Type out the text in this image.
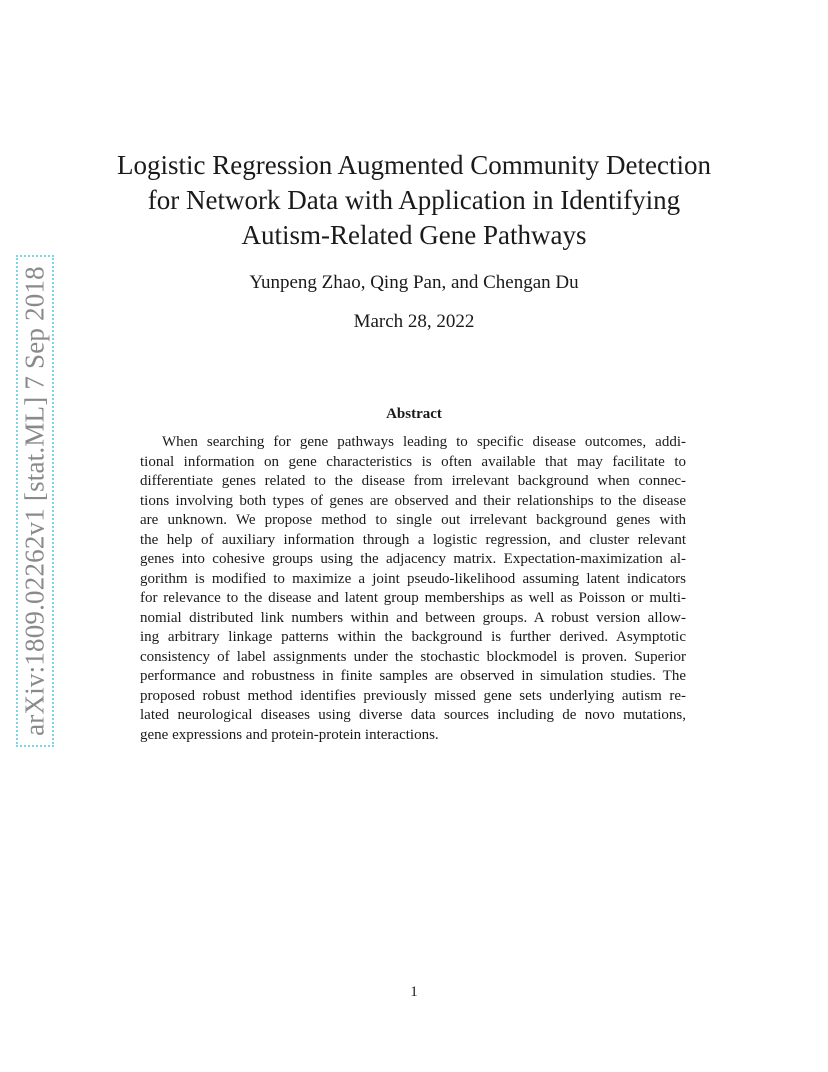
arXiv:1809.02262v1 [stat.ML] 7 Sep 2018
Logistic Regression Augmented Community Detection
for Network Data with Application in Identifying
Autism-Related Gene Pathways
Yunpeng Zhao, Qing Pan, and Chengan Du
March 28, 2022
Abstract
When searching for gene pathways leading to specific disease outcomes, addi-
tional information on gene characteristics is often available that may facilitate to
differentiate genes related to the disease from irrelevant background when connec-
tions involving both types of genes are observed and their relationships to the disease
are unknown. We propose method to single out irrelevant background genes with
the help of auxiliary information through a logistic regression, and cluster relevant
genes into cohesive groups using the adjacency matrix. Expectation-maximization al-
gorithm is modified to maximize a joint pseudo-likelihood assuming latent indicators
for relevance to the disease and latent group memberships as well as Poisson or multi-
nomial distributed link numbers within and between groups. A robust version allow-
ing arbitrary linkage patterns within the background is further derived. Asymptotic
consistency of label assignments under the stochastic blockmodel is proven. Superior
performance and robustness in finite samples are observed in simulation studies. The
proposed robust method identifies previously missed gene sets underlying autism re-
lated neurological diseases using diverse data sources including de novo mutations,
gene expressions and protein-protein interactions.
1
